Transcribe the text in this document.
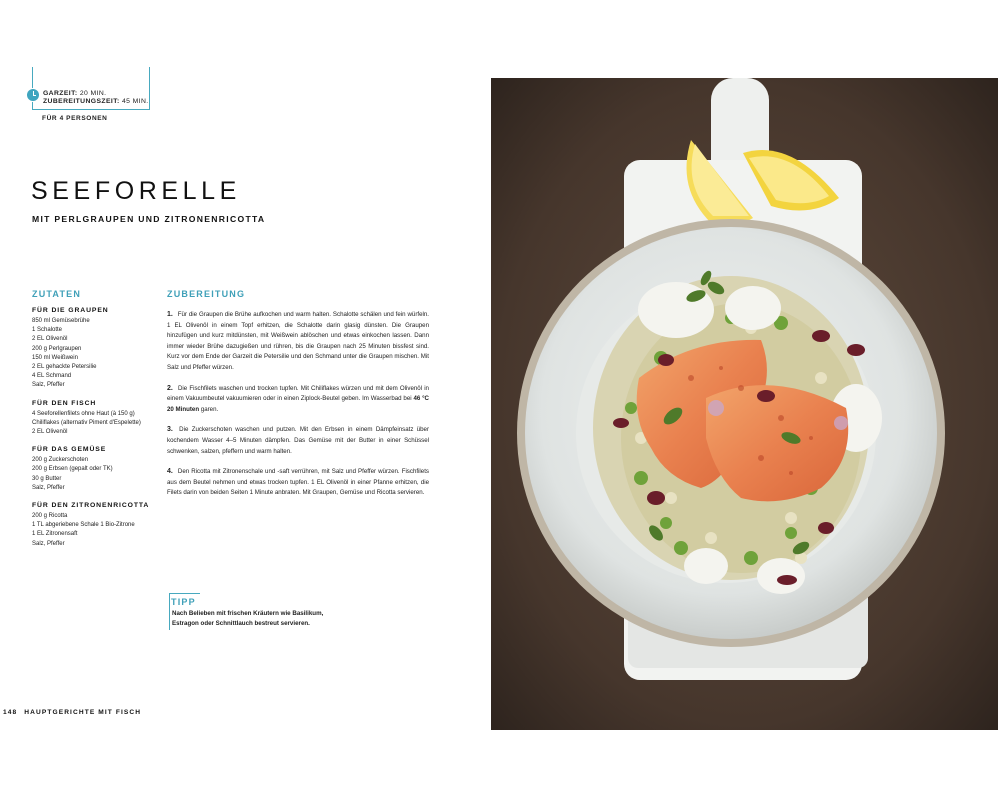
GARZEIT: 20 MIN.
ZUBEREITUNGSZEIT: 45 MIN.
FÜR 4 PERSONEN
SEEFORELLE
MIT PERLGRAUPEN UND ZITRONENRICOTTA
ZUTATEN	ZUBEREITUNG
FÜR DIE GRAUPEN
850 ml Gemüsebrühe
1 Schalotte
2 EL Olivenöl
200 g Perlgraupen
150 ml Weißwein
2 EL gehackte Petersilie
4 EL Schmand
Salz, Pfeffer
FÜR DEN FISCH
4 Seeforellenfilets ohne Haut (à 150 g)
Chiliflakes (alternativ Piment d'Espelette)
2 EL Olivenöl
FÜR DAS GEMÜSE
200 g Zuckerschoten
200 g Erbsen (gepalt oder TK)
30 g Butter
Salz, Pfeffer
FÜR DEN ZITRONENRICOTTA
200 g Ricotta
1 TL abgeriebene Schale 1 Bio-Zitrone
1 EL Zitronensaft
Salz, Pfeffer
1. Für die Graupen die Brühe aufkochen und warm halten. Schalotte schälen und fein würfeln. 1 EL Olivenöl in einem Topf erhitzen, die Schalotte darin glasig dünsten. Die Graupen hinzufügen und kurz mitdünsten, mit Weißwein ablöschen und etwas einkochen lassen. Dann immer wieder Brühe dazugießen und rühren, bis die Graupen nach 25 Minuten bissfest sind. Kurz vor dem Ende der Garzeit die Petersilie und den Schmand unter die Graupen mischen. Mit Salz und Pfeffer würzen.
2. Die Fischfilets waschen und trocken tupfen. Mit Chiliflakes würzen und mit dem Olivenöl in einem Vakuumbeutel vakuumieren oder in einen Ziplock-Beutel geben. Im Wasserbad bei 46 °C 20 Minuten garen.
3. Die Zuckerschoten waschen und putzen. Mit den Erbsen in einem Dämpfeinsatz über kochendem Wasser 4–5 Minuten dämpfen. Das Gemüse mit der Butter in einer Schüssel schwenken, salzen, pfeffern und warm halten.
4. Den Ricotta mit Zitronenschale und -saft verrühren, mit Salz und Pfeffer würzen. Fischfilets aus dem Beutel nehmen und etwas trocken tupfen. 1 EL Olivenöl in einer Pfanne erhitzen, die Filets darin von beiden Seiten 1 Minute anbraten. Mit Graupen, Gemüse und Ricotta servieren.
TIPP
Nach Belieben mit frischen Kräutern wie Basilikum, Estragon oder Schnittlauch bestreut servieren.
148 HAUPTGERICHTE MIT FISCH
